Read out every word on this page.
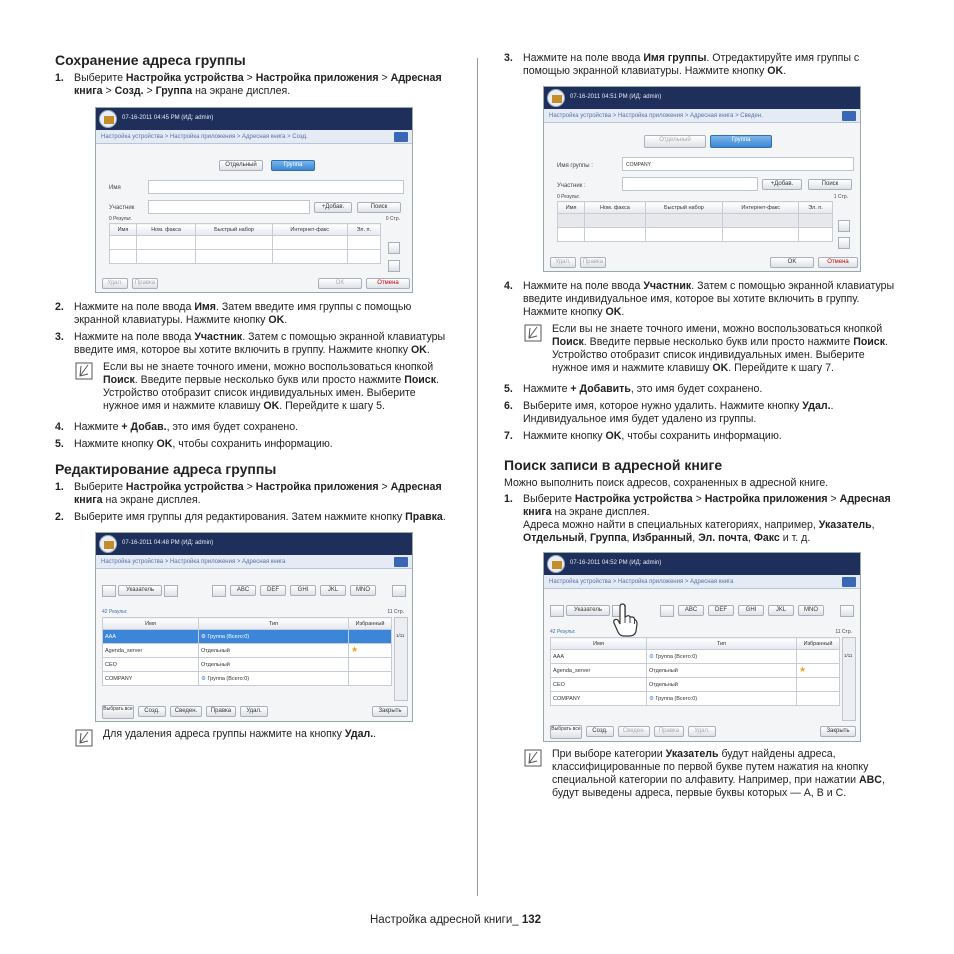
Сохранение адреса группы
1. Выберите Настройка устройства > Настройка приложения > Адресная книга > Созд. > Группа на экране дисплея.
07-16-2011 04:45 PM (ИД: admin)
Настройка устройства > Настройка приложения > Адресная книга > Созд.
Отдельный	Группа
Имя
Участник	+Добав.	Поиск
0 Результ.	0 Стр.
Имя	Ном. факса	Быстрый набор	Интернет-факс	Эл. п.

Удал.	Правка	OK	Отмена
2. Нажмите на поле ввода Имя. Затем введите имя группы с помощью экранной клавиатуры. Нажмите кнопку OK.
3. Нажмите на поле ввода Участник. Затем с помощью экранной клавиатуры введите имя, которое вы хотите включить в группу. Нажмите кнопку OK.
Если вы не знаете точного имени, можно воспользоваться кнопкой Поиск. Введите первые несколько букв или просто нажмите Поиск. Устройство отобразит список индивидуальных имен. Выберите нужное имя и нажмите клавишу OK. Перейдите к шагу 5.
4. Нажмите + Добав., это имя будет сохранено.
5. Нажмите кнопку OK, чтобы сохранить информацию.
Редактирование адреса группы
1. Выберите Настройка устройства > Настройка приложения > Адресная книга на экране дисплея.
2. Выберите имя группы для редактирования. Затем нажмите кнопку Правка.
07-16-2011 04:48 PM (ИД: admin)
Настройка устройства > Настройка приложения > Адресная книга
Указатель	ABC	DEF	GHI	JKL	MNO
42 Результ.	11 Стр.
Имя	Тип	Избранный
AAA	⚙ Группа (Всего:0)	
Agenda_server	Отдельный	★
CEO	Отдельный	
COMPANY	⚙ Группа (Всего:0)	
1/11
Выбрать все	Созд.	Сведен.	Правка	Удал.	Закрыть
Для удаления адреса группы нажмите на кнопку Удал..
3. Нажмите на поле ввода Имя группы. Отредактируйте имя группы с помощью экранной клавиатуры. Нажмите кнопку OK.
07-16-2011 04:51 PM (ИД: admin)
Настройка устройства > Настройка приложения > Адресная книга > Сведен.
Отдельный	Группа
Имя группы :	COMPANY
Участник :	+Добав.	Поиск
0 Результ.	1 Стр.
Имя	Ном. факса	Быстрый набор	Интернет-факс	Эл. п.

Удал.	Правка	OK	Отмена
4. Нажмите на поле ввода Участник. Затем с помощью экранной клавиатуры введите индивидуальное имя, которое вы хотите включить в группу. Нажмите кнопку OK.
Если вы не знаете точного имени, можно воспользоваться кнопкой Поиск. Введите первые несколько букв или просто нажмите Поиск. Устройство отобразит список индивидуальных имен. Выберите нужное имя и нажмите клавишу OK. Перейдите к шагу 7.
5. Нажмите + Добавить, это имя будет сохранено.
6. Выберите имя, которое нужно удалить. Нажмите кнопку Удал.. Индивидуальное имя будет удалено из группы.
7. Нажмите кнопку OK, чтобы сохранить информацию.
Поиск записи в адресной книге
Можно выполнить поиск адресов, сохраненных в адресной книге.
1. Выберите Настройка устройства > Настройка приложения > Адресная книга на экране дисплея.
Адреса можно найти в специальных категориях, например, Указатель, Отдельный, Группа, Избранный, Эл. почта, Факс и т. д.
07-16-2011 04:52 PM (ИД: admin)
Настройка устройства > Настройка приложения > Адресная книга
Указатель	ABC	DEF	GHI	JKL	MNO
42 Результ.	11 Стр.
Имя	Тип	Избранный
AAA	⚙ Группа (Всего:0)	
Agenda_server	Отдельный	★
CEO	Отдельный	
COMPANY	⚙ Группа (Всего:0)	
1/11
Выбрать все	Созд.	Сведен.	Правка	Удал.	Закрыть
При выборе категории Указатель будут найдены адреса, классифицированные по первой букве путем нажатия на кнопку специальной категории по алфавиту. Например, при нажатии ABC, будут выведены адреса, первые буквы которых — А, В и С.
Настройка адресной книги_ 132
